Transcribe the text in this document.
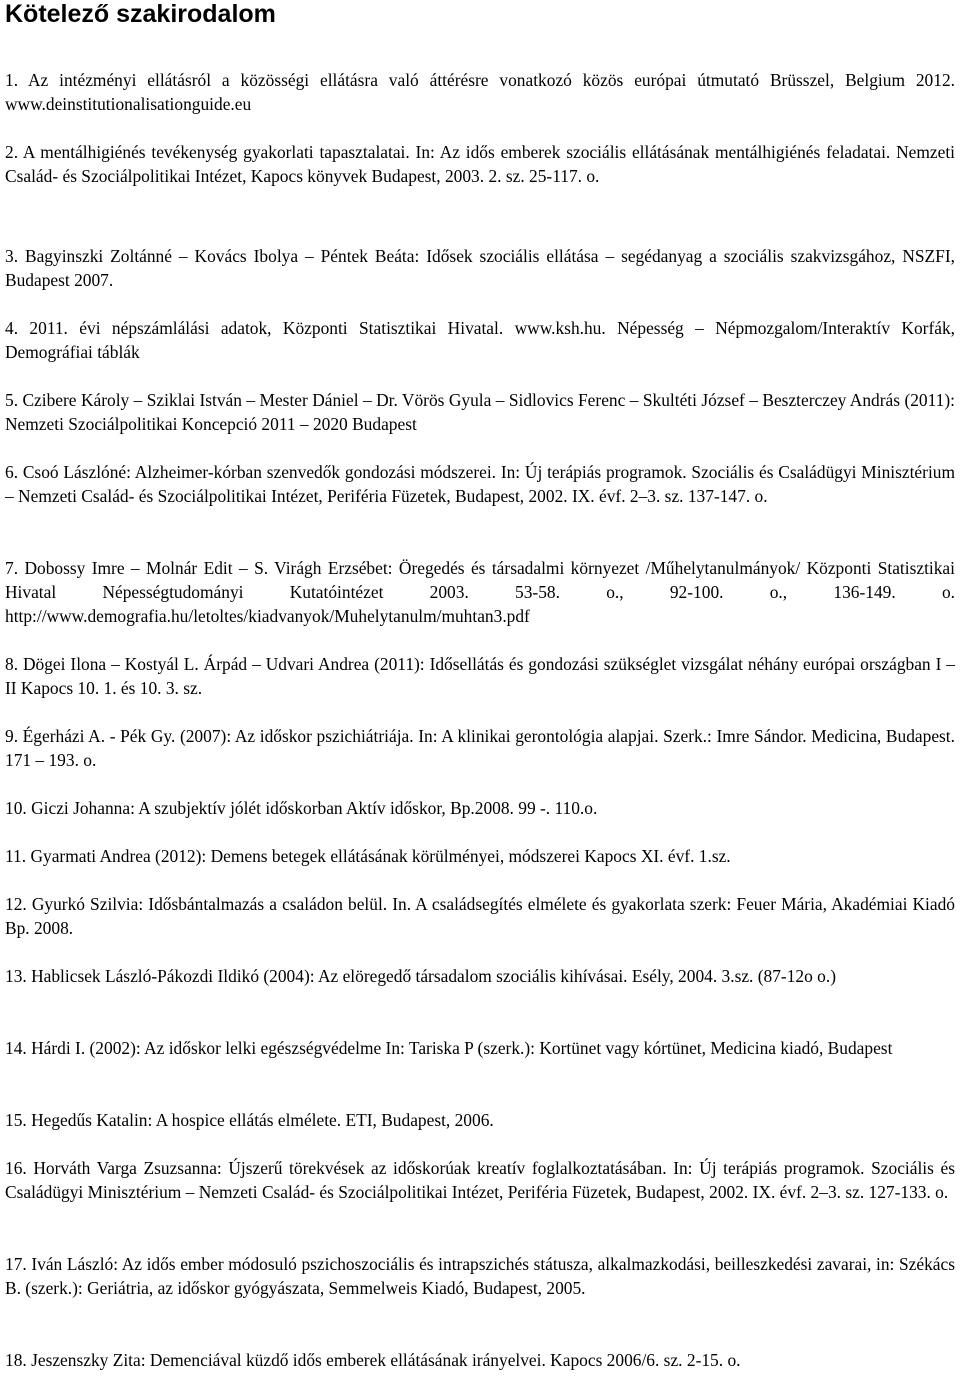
Kötelező szakirodalom
1. Az intézményi ellátásról a közösségi ellátásra való áttérésre vonatkozó közös európai útmutató Brüsszel, Belgium 2012. www.deinstitutionalisationguide.eu
2. A mentálhigiénés tevékenység gyakorlati tapasztalatai. In: Az idős emberek szociális ellátásának mentálhigiénés feladatai. Nemzeti Család- és Szociálpolitikai Intézet, Kapocs könyvek Budapest, 2003. 2. sz. 25-117. o.
3. Bagyinszki Zoltánné – Kovács Ibolya – Péntek Beáta: Idősek szociális ellátása – segédanyag a szociális szakvizsgához, NSZFI, Budapest 2007.
4. 2011. évi népszámlálási adatok, Központi Statisztikai Hivatal. www.ksh.hu. Népesség – Népmozgalom/Interaktív Korfák, Demográfiai táblák
5. Czibere Károly – Sziklai István – Mester Dániel – Dr. Vörös Gyula – Sidlovics Ferenc – Skultéti József – Beszterczey András (2011): Nemzeti Szociálpolitikai Koncepció 2011 – 2020 Budapest
6. Csoó Lászlóné: Alzheimer-kórban szenvedők gondozási módszerei. In: Új terápiás programok. Szociális és Családügyi Minisztérium – Nemzeti Család- és Szociálpolitikai Intézet, Periféria Füzetek, Budapest, 2002. IX. évf. 2–3. sz. 137-147. o.
7. Dobossy Imre – Molnár Edit – S. Virágh Erzsébet: Öregedés és társadalmi környezet /Műhelytanulmányok/ Központi Statisztikai Hivatal Népességtudományi Kutatóintézet 2003. 53-58. o., 92-100. o., 136-149. o. http://www.demografia.hu/letoltes/kiadvanyok/Muhelytanulm/muhtan3.pdf
8. Dögei Ilona – Kostyál L. Árpád – Udvari Andrea (2011): Idősellátás és gondozási szükséglet vizsgálat néhány európai országban I – II Kapocs 10. 1. és 10. 3. sz.
9. Égerházi A. - Pék Gy. (2007): Az időskor pszichiátriája. In: A klinikai gerontológia alapjai. Szerk.: Imre Sándor. Medicina, Budapest. 171 – 193. o.
10. Giczi Johanna: A szubjektív jólét időskorban Aktív időskor, Bp.2008. 99 -. 110.o.
11. Gyarmati Andrea (2012): Demens betegek ellátásának körülményei, módszerei Kapocs XI. évf. 1.sz.
12. Gyurkó Szilvia: Idősbántalmazás a családon belül. In. A családsegítés elmélete és gyakorlata szerk: Feuer Mária, Akadémiai Kiadó Bp. 2008.
13. Hablicsek László-Pákozdi Ildikó (2004): Az elöregedő társadalom szociális kihívásai. Esély, 2004. 3.sz. (87-12o o.)
14. Hárdi I. (2002): Az időskor lelki egészségvédelme In: Tariska P (szerk.): Kortünet vagy kórtünet, Medicina kiadó, Budapest
15. Hegedűs Katalin: A hospice ellátás elmélete. ETI, Budapest, 2006.
16. Horváth Varga Zsuzsanna: Újszerű törekvések az időskorúak kreatív foglalkoztatásában. In: Új terápiás programok. Szociális és Családügyi Minisztérium – Nemzeti Család- és Szociálpolitikai Intézet, Periféria Füzetek, Budapest, 2002. IX. évf. 2–3. sz. 127-133. o.
17. Iván László: Az idős ember módosuló pszichoszociális és intrapszichés státusza, alkalmazkodási, beilleszkedési zavarai, in: Székács B. (szerk.): Geriátria, az időskor gyógyászata, Semmelweis Kiadó, Budapest, 2005.
18. Jeszenszky Zita: Demenciával küzdő idős emberek ellátásának irányelvei. Kapocs 2006/6. sz. 2-15. o.
